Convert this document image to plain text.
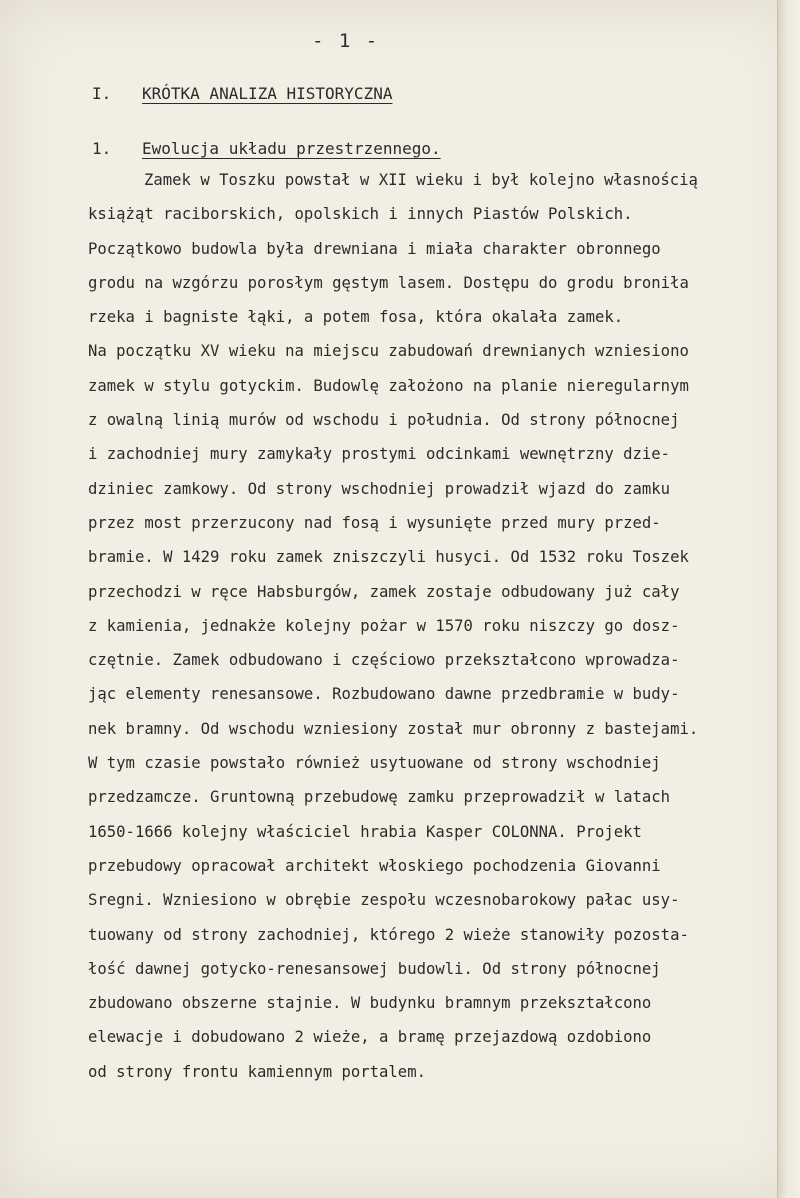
- 1 -
I. KRÓTKA ANALIZA HISTORYCZNA
1. Ewolucja układu przestrzennego.
Zamek w Toszku powstał w XII wieku i był kolejno własnością
książąt raciborskich, opolskich i innych Piastów Polskich.
Początkowo budowla była drewniana i miała charakter obronnego
grodu na wzgórzu porosłym gęstym lasem. Dostępu do grodu broniła
rzeka i bagniste łąki, a potem fosa, która okalała zamek.
Na początku XV wieku na miejscu zabudowań drewnianych wzniesiono
zamek w stylu gotyckim. Budowlę założono na planie nieregularnym
z owalną linią murów od wschodu i południa. Od strony północnej
i zachodniej mury zamykały prostymi odcinkami wewnętrzny dzie-
dziniec zamkowy. Od strony wschodniej prowadził wjazd do zamku
przez most przerzucony nad fosą i wysunięte przed mury przed-
bramie. W 1429 roku zamek zniszczyli husyci. Od 1532 roku Toszek
przechodzi w ręce Habsburgów, zamek zostaje odbudowany już cały
z kamienia, jednakże kolejny pożar w 1570 roku niszczy go dosz-
czętnie. Zamek odbudowano i częściowo przekształcono wprowadza-
jąc elementy renesansowe. Rozbudowano dawne przedbramie w budy-
nek bramny. Od wschodu wzniesiony został mur obronny z bastejami.
W tym czasie powstało również usytuowane od strony wschodniej
przedzamcze. Gruntowną przebudowę zamku przeprowadził w latach
1650-1666 kolejny właściciel hrabia Kasper COLONNA. Projekt
przebudowy opracował architekt włoskiego pochodzenia Giovanni
Sregni. Wzniesiono w obrębie zespołu wczesnobarokowy pałac usy-
tuowany od strony zachodniej, którego 2 wieże stanowiły pozosta-
łość dawnej gotycko-renesansowej budowli. Od strony północnej
zbudowano obszerne stajnie. W budynku bramnym przekształcono
elewacje i dobudowano 2 wieże, a bramę przejazdową ozdobiono
od strony frontu kamiennym portalem.
